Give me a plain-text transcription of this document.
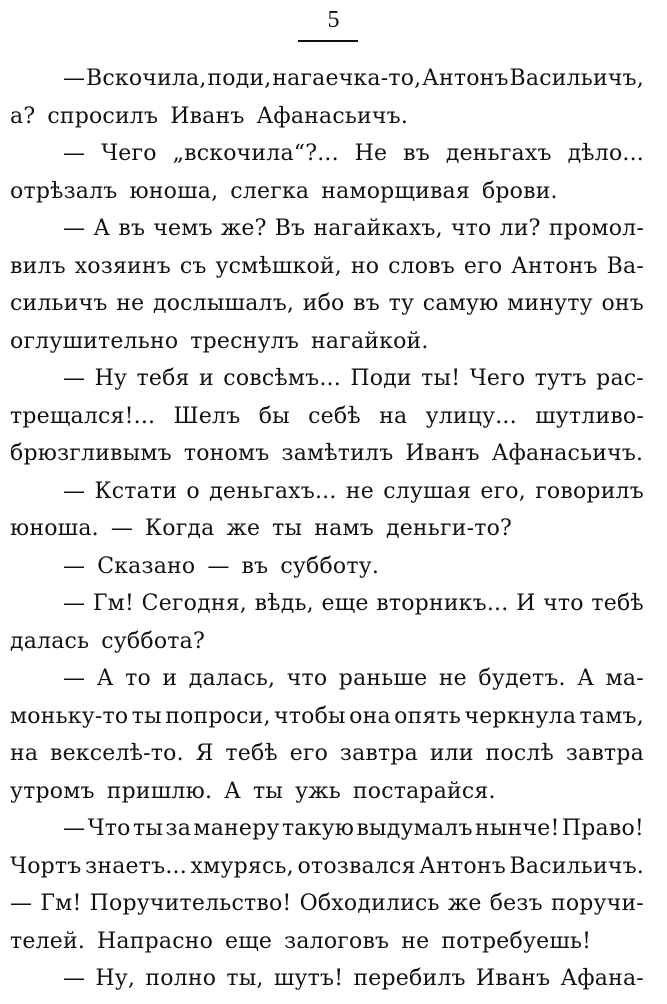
5
— Вскочила, поди, нагаечка-то, Антонъ Васильичъ,
а? спросилъ Иванъ Афанасьичъ.
— Чего „вскочила“?... Не въ деньгахъ дѣло...
отрѣзалъ юноша, слегка наморщивая брови.
— А въ чемъ же? Въ нагайкахъ, что ли? промол-
вилъ хозяинъ съ усмѣшкой, но словъ его Антонъ Ва-
сильичъ не дослышалъ, ибо въ ту самую минуту онъ
оглушительно треснулъ нагайкой.
— Ну тебя и совсѣмъ... Поди ты! Чего тутъ рас-
трещался!... Шелъ бы себѣ на улицу... шутливо-
брюзгливымъ тономъ замѣтилъ Иванъ Афанасьичъ.
— Кстати о деньгахъ... не слушая его, говорилъ
юноша. — Когда же ты намъ деньги-то?
— Сказано — въ субботу.
— Гм! Сегодня, вѣдь, еще вторникъ... И что тебѣ
далась суббота?
— А то и далась, что раньше не будетъ. А ма-
моньку-то ты попроси, чтобы она опять черкнула тамъ,
на векселѣ-то. Я тебѣ его завтра или послѣ завтра
утромъ пришлю. А ты ужь постарайся.
— Что ты за манеру такую выдумалъ нынче! Право!
Чортъ знаетъ... хмурясь, отозвался Антонъ Васильичъ.
— Гм! Поручительство! Обходились же безъ поручи-
телей. Напрасно еще залоговъ не потребуешь!
— Ну, полно ты, шутъ! перебилъ Иванъ Афана-
